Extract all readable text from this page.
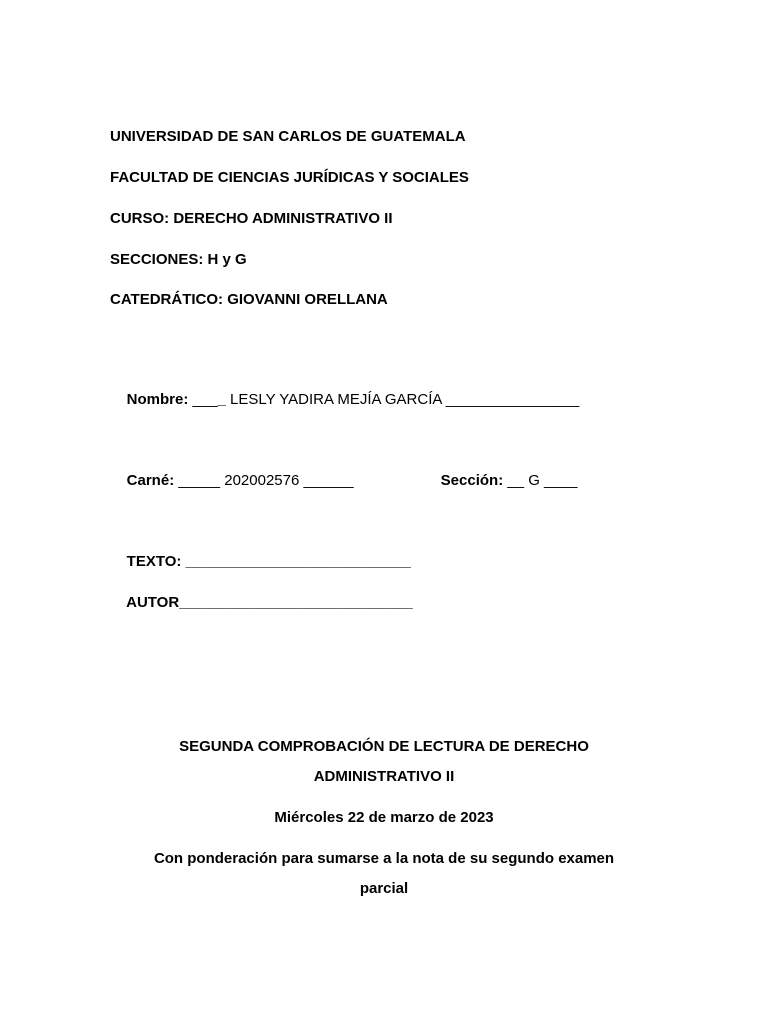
UNIVERSIDAD DE SAN CARLOS DE GUATEMALA
FACULTAD DE CIENCIAS JURÍDICAS Y SOCIALES
CURSO: DERECHO ADMINISTRATIVO II
SECCIONES: H y G
CATEDRÁTICO: GIOVANNI ORELLANA

Nombre: ____ LESLY YADIRA MEJÍA GARCÍA ________________

Carné: _____ 202002576 ______
	Sección: __ G ____

TEXTO: ___________________________

AUTOR____________________________

SEGUNDA COMPROBACIÓN DE LECTURA DE DERECHO
ADMINISTRATIVO II
Miércoles 22 de marzo de 2023
Con ponderación para sumarse a la nota de su segundo examen
parcial
